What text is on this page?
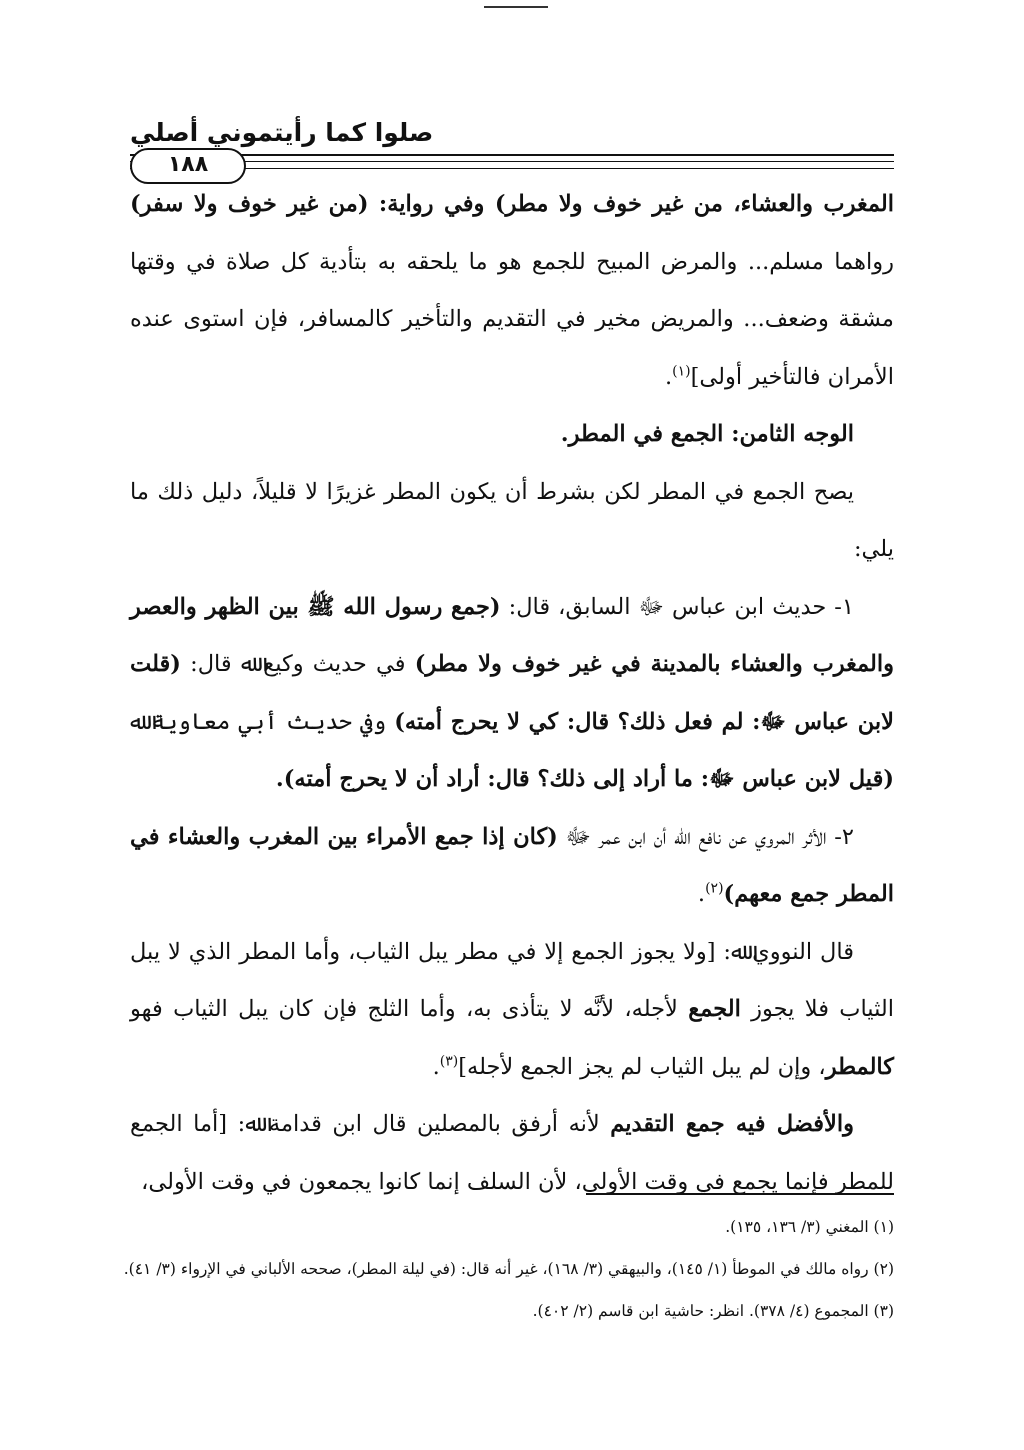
صلوا كما رأيتموني أصلي
١٨٨

المغرب والعشاء، من غير خوف ولا مطر) وفي رواية: (من غير خوف ولا سفر) رواهما مسلم... والمرض المبيح للجمع هو ما يلحقه به بتأدية كل صلاة في وقتها مشقة وضعف... والمريض مخير في التقديم والتأخير كالمسافر، فإن استوى عنده الأمران فالتأخير أولى]$^{(١)}$.

الوجه الثامن: الجمع في المطر.

يصح الجمع في المطر لكن بشرط أن يكون المطر غزيرًا لا قليلاً، دليل ذلك ما يلي:

١- حديث ابن عباس ﷻ السابق، قال: (جمع رسول الله ﷺ بين الظهر والعصر والمغرب والعشاء بالمدينة في غير خوف ولا مطر) في حديث وكيع ﷲ قال: (قلت لابن عباس ﷻ: لم فعل ذلك؟ قال: كي لا يحرج أمته) وفي حديث أبي معاوية ﷲ (قيل لابن عباس ﷻ: ما أراد إلى ذلك؟ قال: أراد أن لا يحرج أمته).

٢- الأثر المروي عن نافع ﷲ أن ابن عمر ﷻ (كان إذا جمع الأمراء بين المغرب والعشاء في المطر جمع معهم)$^{(٢)}$.

قال النووي ﷲ: [ولا يجوز الجمع إلا في مطر يبل الثياب، وأما المطر الذي لا يبل الثياب فلا يجوز الجمع لأجله، لأنَّه لا يتأذى به، وأما الثلج فإن كان يبل الثياب فهو كالمطر، وإن لم يبل الثياب لم يجز الجمع لأجله]$^{(٣)}$.

والأفضل فيه جمع التقديم لأنه أرفق بالمصلين قال ابن قدامة ﷲ: [أما الجمع للمطر فإنما يجمع في وقت الأولى، لأن السلف إنما كانوا يجمعون في وقت الأولى،

(١) المغني (٣/ ١٣٦، ١٣٥).

(٢) رواه مالك في الموطأ (١/ ١٤٥)، والبيهقي (٣/ ١٦٨)، غير أنه قال: (في ليلة المطر)، صححه الألباني في الإرواء (٣/ ٤١).

(٣) المجموع (٤/ ٣٧٨). انظر: حاشية ابن قاسم (٢/ ٤٠٢).
